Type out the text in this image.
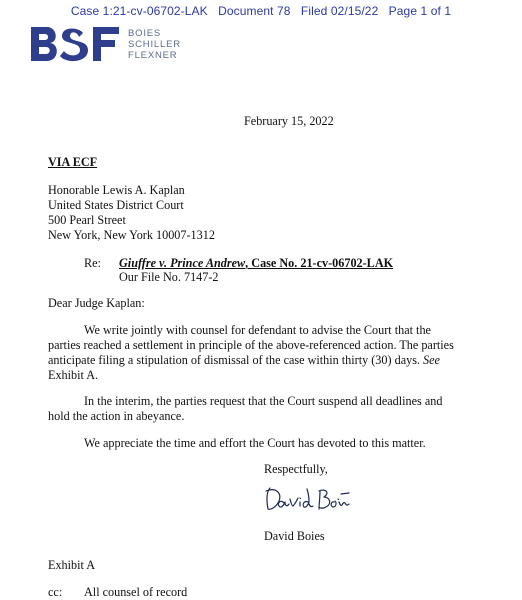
Case 1:21-cv-06702-LAK Document 78 Filed 02/15/22 Page 1 of 1
BOIES
SCHILLER
FLEXNER
February 15, 2022
VIA ECF
Honorable Lewis A. Kaplan
United States District Court
500 Pearl Street
New York, New York 10007-1312
Re: Giuffre v. Prince Andrew, Case No. 21-cv-06702-LAK
Our File No. 7147-2
Dear Judge Kaplan:
We write jointly with counsel for defendant to advise the Court that the
parties reached a settlement in principle of the above-referenced action. The parties
anticipate filing a stipulation of dismissal of the case within thirty (30) days. See
Exhibit A.
In the interim, the parties request that the Court suspend all deadlines and
hold the action in abeyance.
We appreciate the time and effort the Court has devoted to this matter.
Respectfully,
David Boies
Exhibit A
cc: All counsel of record
